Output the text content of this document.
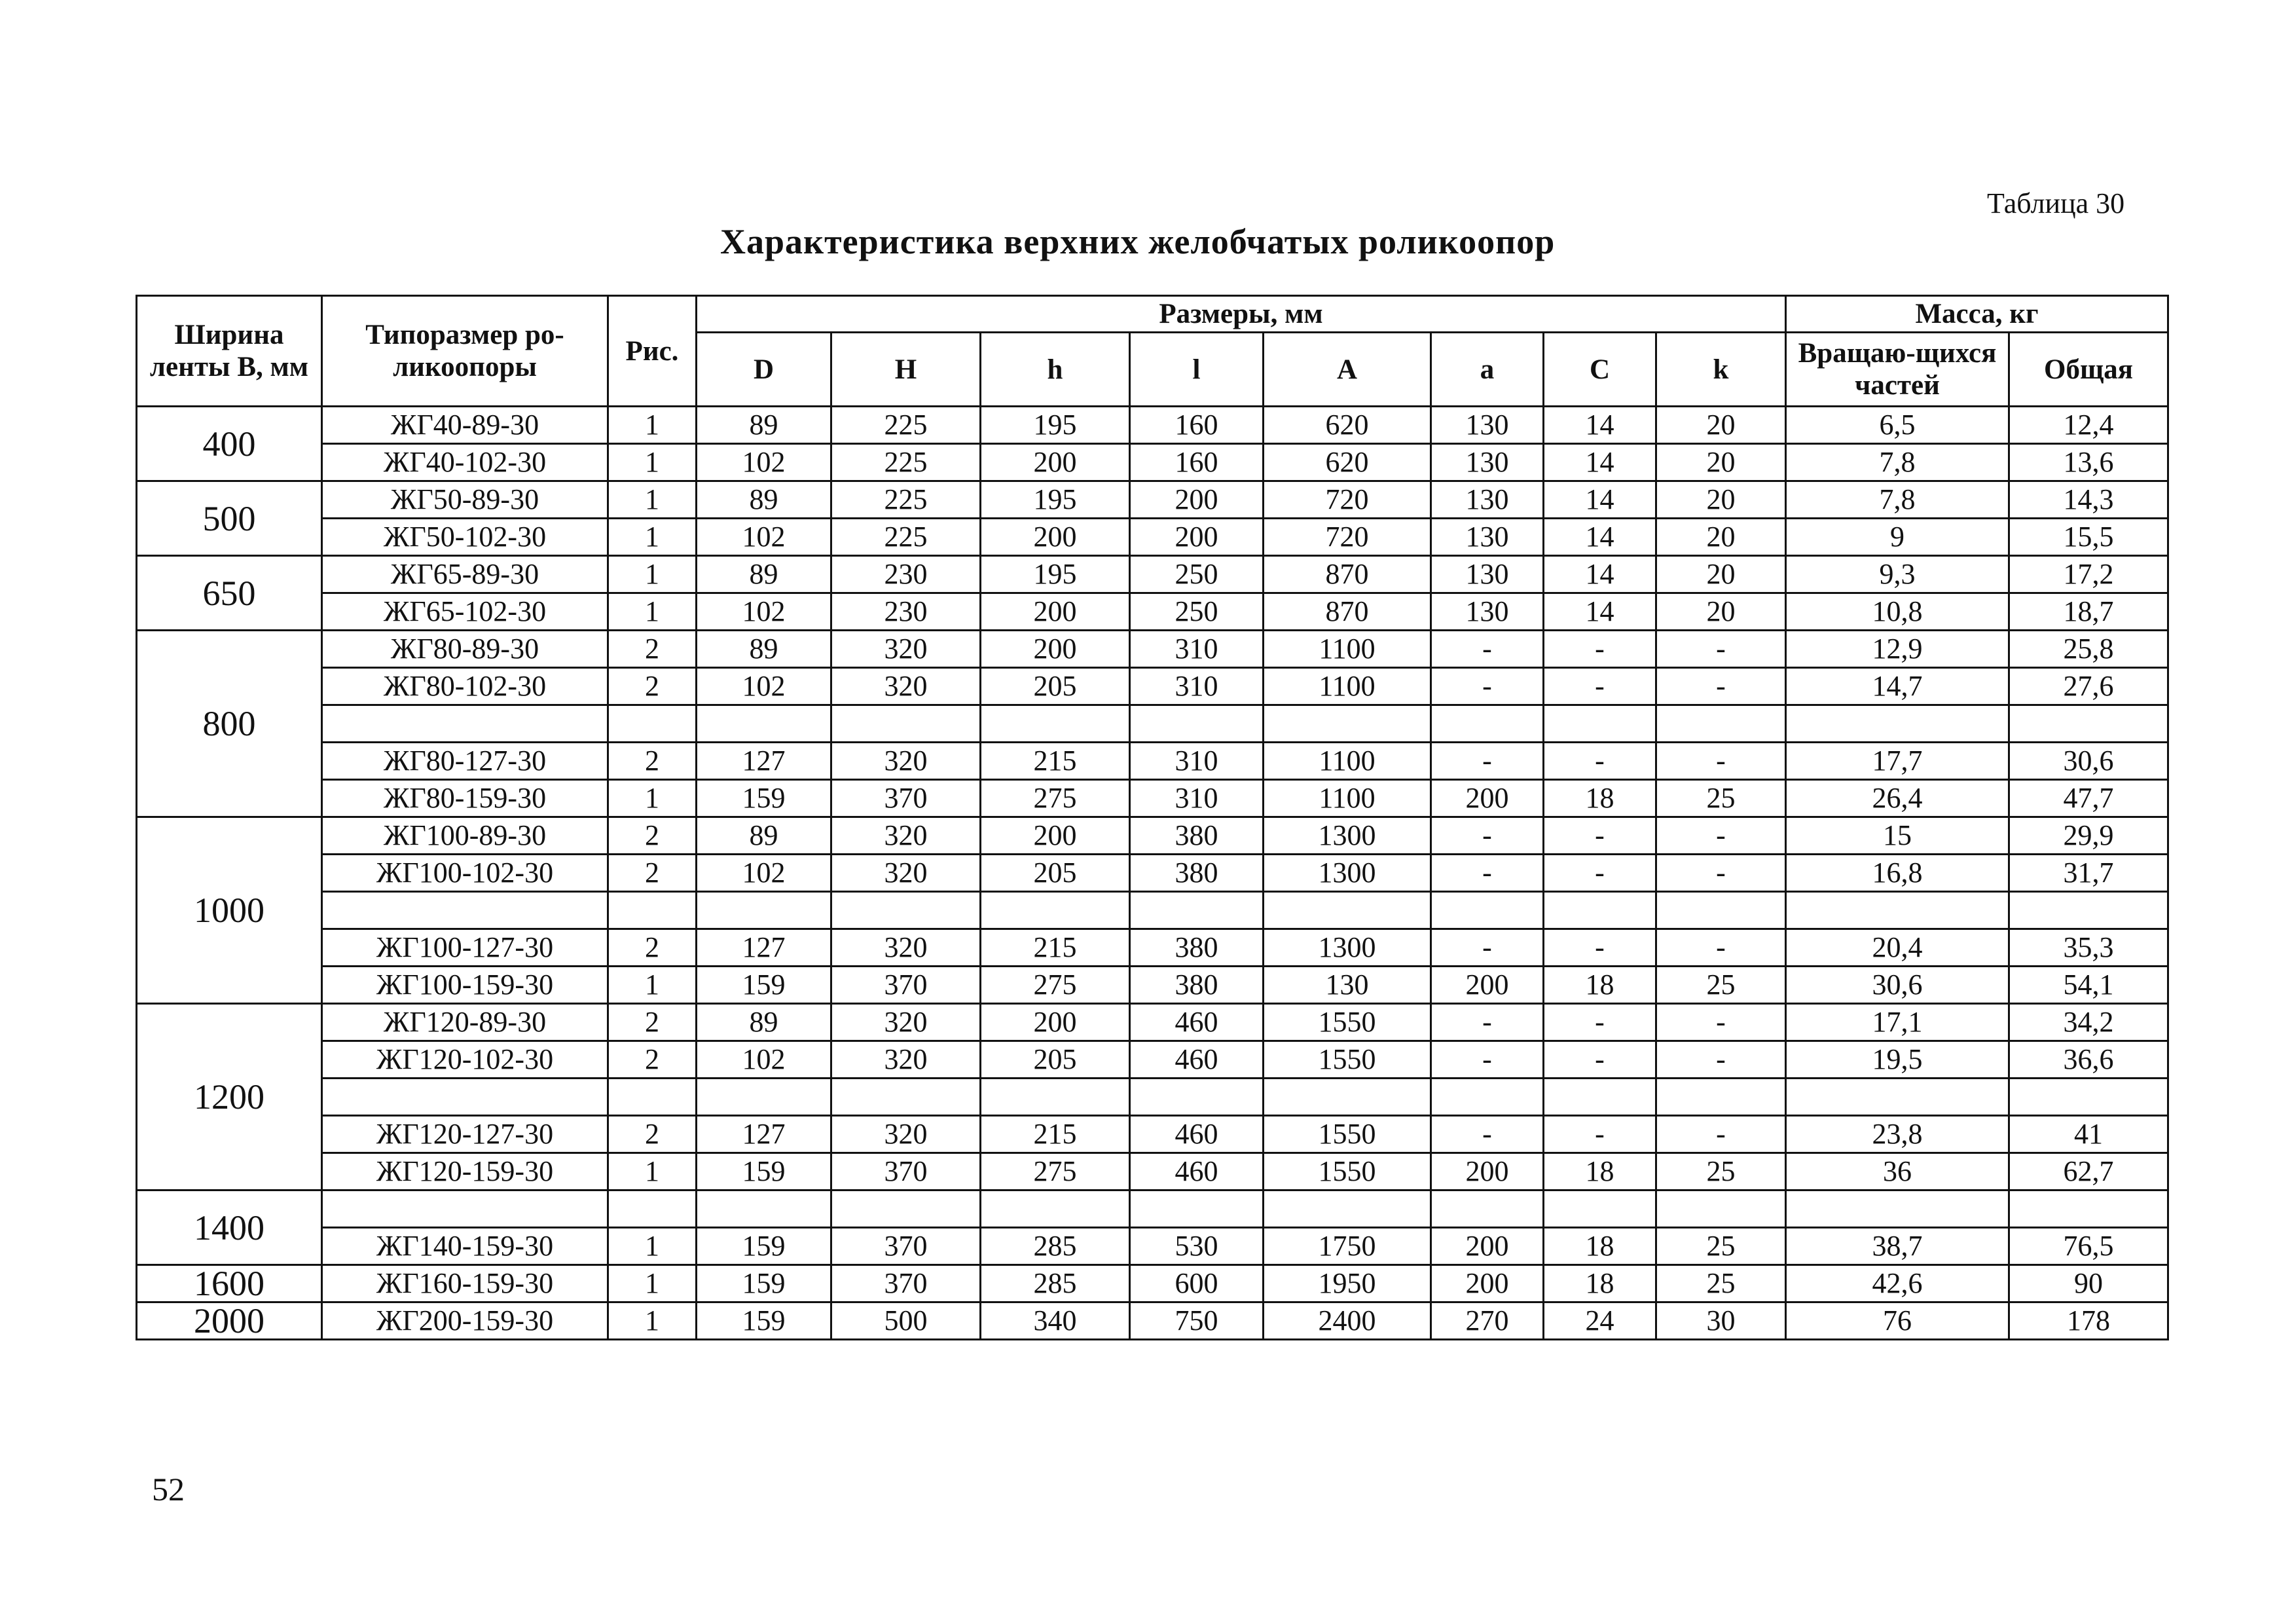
Таблица 30
Характеристика верхних желобчатых роликоопор
Ширина ленты В, мм	Типоразмер ро-ликоопоры	Рис.	Размеры, мм								Масса, кг	
			D	H	h	l	A	a	C	k	Вращаю-щихся частей	Общая
400	ЖГ40-89-30	1	89	225	195	160	620	130	14	20	6,5	12,4
	ЖГ40-102-30	1	102	225	200	160	620	130	14	20	7,8	13,6
500	ЖГ50-89-30	1	89	225	195	200	720	130	14	20	7,8	14,3
	ЖГ50-102-30	1	102	225	200	200	720	130	14	20	9	15,5
650	ЖГ65-89-30	1	89	230	195	250	870	130	14	20	9,3	17,2
	ЖГ65-102-30	1	102	230	200	250	870	130	14	20	10,8	18,7
800	ЖГ80-89-30	2	89	320	200	310	1100	-	-	-	12,9	25,8
	ЖГ80-102-30	2	102	320	205	310	1100	-	-	-	14,7	27,6

	ЖГ80-127-30	2	127	320	215	310	1100	-	-	-	17,7	30,6
	ЖГ80-159-30	1	159	370	275	310	1100	200	18	25	26,4	47,7
1000	ЖГ100-89-30	2	89	320	200	380	1300	-	-	-	15	29,9
	ЖГ100-102-30	2	102	320	205	380	1300	-	-	-	16,8	31,7

	ЖГ100-127-30	2	127	320	215	380	1300	-	-	-	20,4	35,3
	ЖГ100-159-30	1	159	370	275	380	130	200	18	25	30,6	54,1
1200	ЖГ120-89-30	2	89	320	200	460	1550	-	-	-	17,1	34,2
	ЖГ120-102-30	2	102	320	205	460	1550	-	-	-	19,5	36,6

	ЖГ120-127-30	2	127	320	215	460	1550	-	-	-	23,8	41
	ЖГ120-159-30	1	159	370	275	460	1550	200	18	25	36	62,7
1400												
	ЖГ140-159-30	1	159	370	285	530	1750	200	18	25	38,7	76,5
1600	ЖГ160-159-30	1	159	370	285	600	1950	200	18	25	42,6	90
2000	ЖГ200-159-30	1	159	500	340	750	2400	270	24	30	76	178
52
